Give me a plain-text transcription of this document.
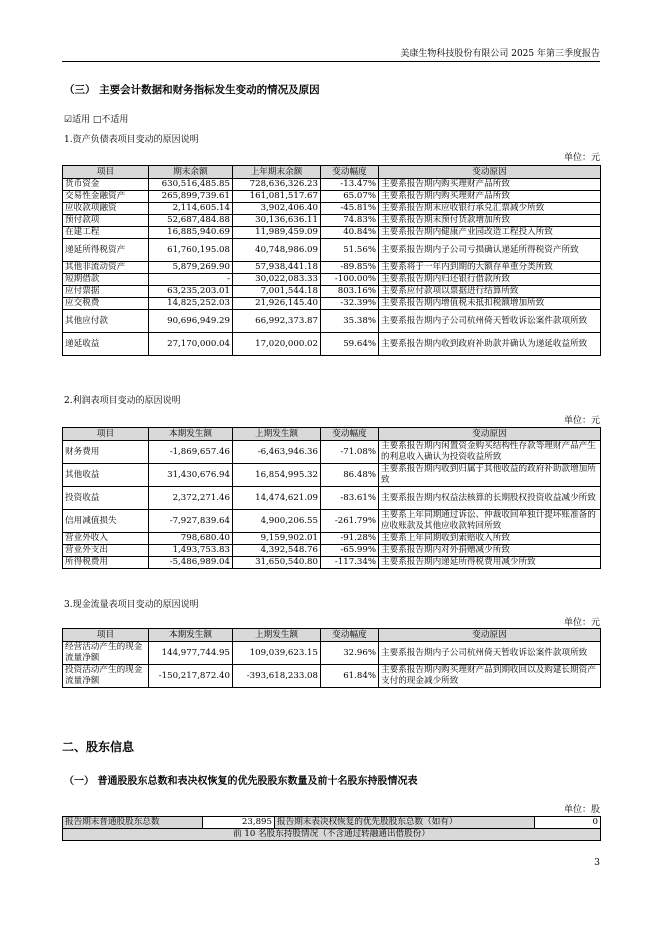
美康生物科技股份有限公司 2025 年第三季度报告
（三） 主要会计数据和财务指标发生变动的情况及原因
☑适用 □不适用
1.资产负债表项目变动的原因说明
单位：元
项目	期末余额	上年期末余额	变动幅度	变动原因
货币资金	630,516,485.85	728,636,326.23	-13.47%	主要系报告期内购买理财产品所致
交易性金融资产	265,899,739.61	161,081,517.67	65.07%	主要系报告期内购买理财产品所致
应收款项融资	2,114,605.14	3,902,406.40	-45.81%	主要系报告期末应收银行承兑汇票减少所致
预付款项	52,687,484.88	30,136,636.11	74.83%	主要系报告期末预付货款增加所致
在建工程	16,885,940.69	11,989,459.09	40.84%	主要系报告期内健康产业园改造工程投入所致
递延所得税资产	61,760,195.08	40,748,986.09	51.56%	主要系报告期内子公司亏损确认递延所得税资产所致
其他非流动资产	5,879,269.90	57,938,441.18	-89.85%	主要系将于一年内到期的大额存单重分类所致
短期借款	-	30,022,083.33	-100.00%	主要系报告期内归还银行借款所致
应付票据	63,235,203.01	7,001,544.18	803.16%	主要系应付款项以票据进行结算所致
应交税费	14,825,252.03	21,926,145.40	-32.39%	主要系报告期内增值税未抵扣税额增加所致
其他应付款	90,696,949.29	66,992,373.87	35.38%	主要系报告期内子公司杭州倚天暂收诉讼案件款项所致
递延收益	27,170,000.04	17,020,000.02	59.64%	主要系报告期内收到政府补助款并确认为递延收益所致
2.利润表项目变动的原因说明
单位：元
项目	本期发生额	上期发生额	变动幅度	变动原因
财务费用	-1,869,657.46	-6,463,946.36	-71.08%	主要系报告期内闲置资金购买结构性存款等理财产品产生的利息收入确认为投资收益所致
其他收益	31,430,676.94	16,854,995.32	86.48%	主要系报告期内收到归属于其他收益的政府补助款增加所致
投资收益	2,372,271.46	14,474,621.09	-83.61%	主要系报告期内权益法核算的长期股权投资收益减少所致
信用减值损失	-7,927,839.64	4,900,206.55	-261.79%	主要系上年同期通过诉讼、仲裁收回单独计提坏账准备的应收账款及其他应收款转回所致
营业外收入	798,680.40	9,159,902.01	-91.28%	主要系上年同期收到索赔收入所致
营业外支出	1,493,753.83	4,392,548.76	-65.99%	主要系报告期内对外捐赠减少所致
所得税费用	-5,486,989.04	31,650,540.80	-117.34%	主要系报告期内递延所得税费用减少所致
3.现金流量表项目变动的原因说明
单位：元
项目	本期发生额	上期发生额	变动幅度	变动原因
经营活动产生的现金流量净额	144,977,744.95	109,039,623.15	32.96%	主要系报告期内子公司杭州倚天暂收诉讼案件款项所致
投资活动产生的现金流量净额	-150,217,872.40	-393,618,233.08	61.84%	主要系报告期内购买理财产品到期收回以及购建长期资产支付的现金减少所致
二、股东信息
（一） 普通股股东总数和表决权恢复的优先股股东数量及前十名股东持股情况表
单位：股
报告期末普通股股东总数	23,895	报告期末表决权恢复的优先股股东总数（如有）	0
前 10 名股东持股情况（不含通过转融通出借股份）
3
